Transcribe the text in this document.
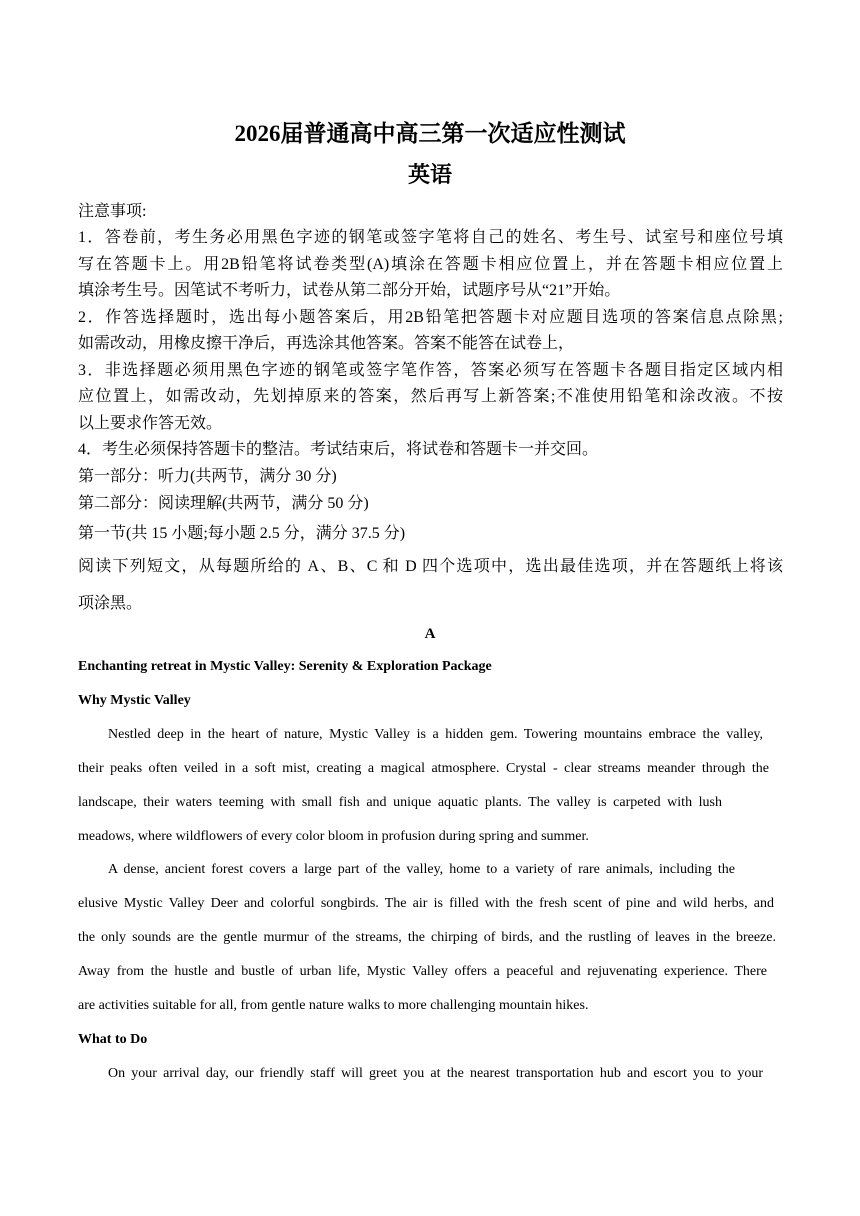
2026届普通高中高三第一次适应性测试
英语
注意事项:
1．答卷前，考生务必用黑色字迹的钢笔或签字笔将自己的姓名、考生号、试室号和座位号填
写在答题卡上。用2B铅笔将试卷类型(A)填涂在答题卡相应位置上，并在答题卡相应位置上
填涂考生号。因笔试不考听力，试卷从第二部分开始，试题序号从“21”开始。
2．作答选择题时，选出每小题答案后，用2B铅笔把答题卡对应题目选项的答案信息点除黑;
如需改动，用橡皮擦干净后，再选涂其他答案。答案不能答在试卷上，
3．非选择题必须用黑色字迹的钢笔或签字笔作答，答案必须写在答题卡各题目指定区域内相
应位置上，如需改动，先划掉原来的答案，然后再写上新答案;不准使用铅笔和涂改液。不按
以上要求作答无效。
4．考生必须保持答题卡的整洁。考试结束后，将试卷和答题卡一并交回。
第一部分：听力(共两节，满分 30 分)
第二部分：阅读理解(共两节，满分 50 分)
第一节(共 15 小题;每小题 2.5 分，满分 37.5 分)
阅读下列短文，从每题所给的 A、B、C 和 D 四个选项中，选出最佳选项，并在答题纸上将该
项涂黑。
A
Enchanting retreat in Mystic Valley: Serenity & Exploration Package
Why Mystic Valley
Nestled deep in the heart of nature, Mystic Valley is a hidden gem. Towering mountains embrace the valley,
their peaks often veiled in a soft mist, creating a magical atmosphere. Crystal - clear streams meander through the
landscape, their waters teeming with small fish and unique aquatic plants. The valley is carpeted with lush
meadows, where wildflowers of every color bloom in profusion during spring and summer.
A dense, ancient forest covers a large part of the valley, home to a variety of rare animals, including the
elusive Mystic Valley Deer and colorful songbirds. The air is filled with the fresh scent of pine and wild herbs, and
the only sounds are the gentle murmur of the streams, the chirping of birds, and the rustling of leaves in the breeze.
Away from the hustle and bustle of urban life, Mystic Valley offers a peaceful and rejuvenating experience. There
are activities suitable for all, from gentle nature walks to more challenging mountain hikes.
What to Do
On your arrival day, our friendly staff will greet you at the nearest transportation hub and escort you to your
